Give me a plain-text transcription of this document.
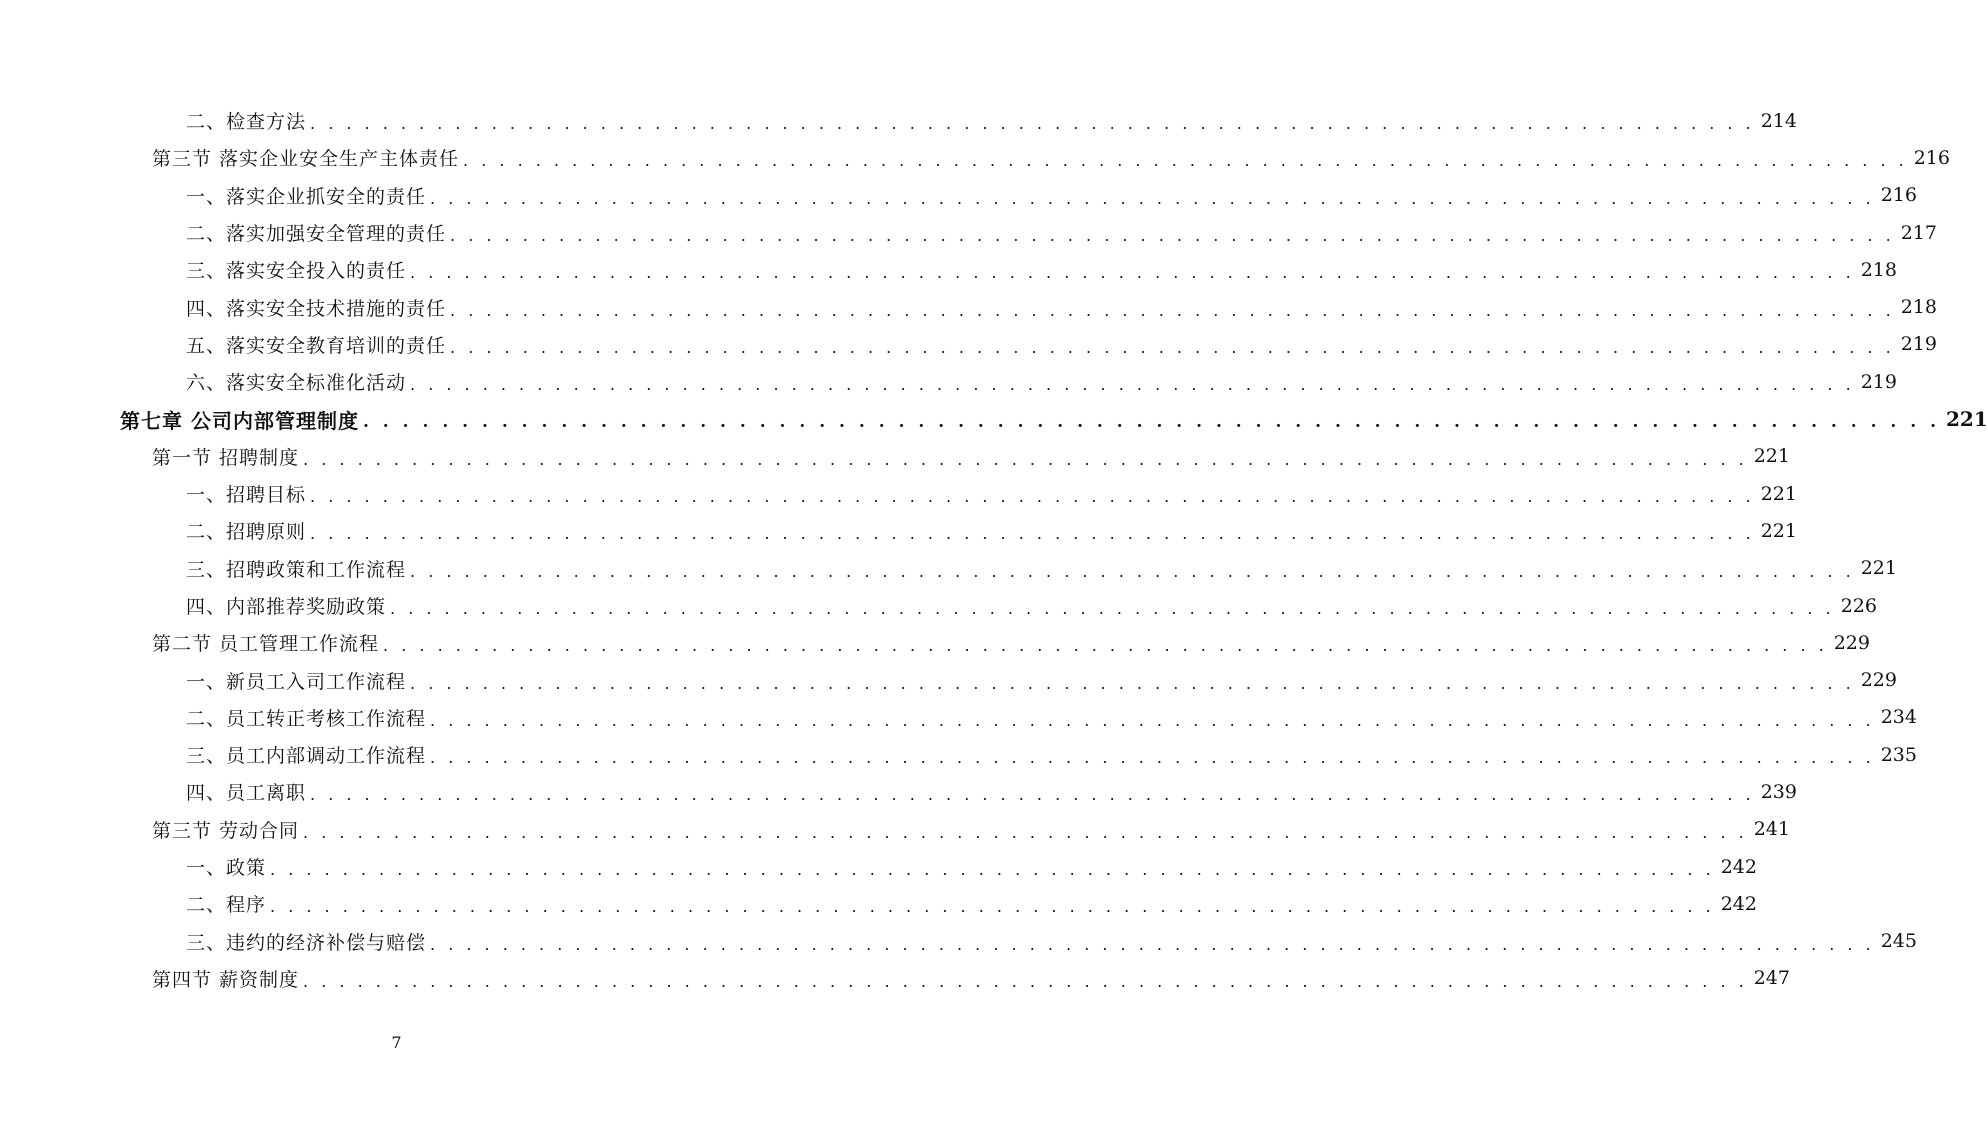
二、检查方法 . . . . . . . . . . . . . . . . . . . . . . . . . . . . . . . . . . . . . . . . . . . . . . . . . . . . . . . . . . . . . . . . . . . . . . . . . . . . . . . . 214
第三节 落实企业安全生产主体责任 . . . . . . . . . . . . . . . . . . . . . . . . . . . . . . . . . . . . . . . . . . . . . . . . . . . . . . . . . . . . . . . . . . . . . . . . . . . . . . . . 216
一、落实企业抓安全的责任 . . . . . . . . . . . . . . . . . . . . . . . . . . . . . . . . . . . . . . . . . . . . . . . . . . . . . . . . . . . . . . . . . . . . . . . . . . . . . . . . 216
二、落实加强安全管理的责任 . . . . . . . . . . . . . . . . . . . . . . . . . . . . . . . . . . . . . . . . . . . . . . . . . . . . . . . . . . . . . . . . . . . . . . . . . . . . . . . . 217
三、落实安全投入的责任 . . . . . . . . . . . . . . . . . . . . . . . . . . . . . . . . . . . . . . . . . . . . . . . . . . . . . . . . . . . . . . . . . . . . . . . . . . . . . . . . 218
四、落实安全技术措施的责任 . . . . . . . . . . . . . . . . . . . . . . . . . . . . . . . . . . . . . . . . . . . . . . . . . . . . . . . . . . . . . . . . . . . . . . . . . . . . . . . . 218
五、落实安全教育培训的责任 . . . . . . . . . . . . . . . . . . . . . . . . . . . . . . . . . . . . . . . . . . . . . . . . . . . . . . . . . . . . . . . . . . . . . . . . . . . . . . . . 219
六、落实安全标准化活动 . . . . . . . . . . . . . . . . . . . . . . . . . . . . . . . . . . . . . . . . . . . . . . . . . . . . . . . . . . . . . . . . . . . . . . . . . . . . . . . . 219
第七章 公司内部管理制度 . . . . . . . . . . . . . . . . . . . . . . . . . . . . . . . . . . . . . . . . . . . . . . . . . . . . . . . . . . . . . . . . . . . . . . . . . . . . . . . . 221
第一节 招聘制度 . . . . . . . . . . . . . . . . . . . . . . . . . . . . . . . . . . . . . . . . . . . . . . . . . . . . . . . . . . . . . . . . . . . . . . . . . . . . . . . . 221
一、招聘目标 . . . . . . . . . . . . . . . . . . . . . . . . . . . . . . . . . . . . . . . . . . . . . . . . . . . . . . . . . . . . . . . . . . . . . . . . . . . . . . . . 221
二、招聘原则 . . . . . . . . . . . . . . . . . . . . . . . . . . . . . . . . . . . . . . . . . . . . . . . . . . . . . . . . . . . . . . . . . . . . . . . . . . . . . . . . 221
三、招聘政策和工作流程 . . . . . . . . . . . . . . . . . . . . . . . . . . . . . . . . . . . . . . . . . . . . . . . . . . . . . . . . . . . . . . . . . . . . . . . . . . . . . . . . 221
四、内部推荐奖励政策 . . . . . . . . . . . . . . . . . . . . . . . . . . . . . . . . . . . . . . . . . . . . . . . . . . . . . . . . . . . . . . . . . . . . . . . . . . . . . . . . 226
第二节 员工管理工作流程 . . . . . . . . . . . . . . . . . . . . . . . . . . . . . . . . . . . . . . . . . . . . . . . . . . . . . . . . . . . . . . . . . . . . . . . . . . . . . . . . 229
一、新员工入司工作流程 . . . . . . . . . . . . . . . . . . . . . . . . . . . . . . . . . . . . . . . . . . . . . . . . . . . . . . . . . . . . . . . . . . . . . . . . . . . . . . . . 229
二、员工转正考核工作流程 . . . . . . . . . . . . . . . . . . . . . . . . . . . . . . . . . . . . . . . . . . . . . . . . . . . . . . . . . . . . . . . . . . . . . . . . . . . . . . . . 234
三、员工内部调动工作流程 . . . . . . . . . . . . . . . . . . . . . . . . . . . . . . . . . . . . . . . . . . . . . . . . . . . . . . . . . . . . . . . . . . . . . . . . . . . . . . . . 235
四、员工离职 . . . . . . . . . . . . . . . . . . . . . . . . . . . . . . . . . . . . . . . . . . . . . . . . . . . . . . . . . . . . . . . . . . . . . . . . . . . . . . . . 239
第三节 劳动合同 . . . . . . . . . . . . . . . . . . . . . . . . . . . . . . . . . . . . . . . . . . . . . . . . . . . . . . . . . . . . . . . . . . . . . . . . . . . . . . . . 241
一、政策 . . . . . . . . . . . . . . . . . . . . . . . . . . . . . . . . . . . . . . . . . . . . . . . . . . . . . . . . . . . . . . . . . . . . . . . . . . . . . . . . 242
二、程序 . . . . . . . . . . . . . . . . . . . . . . . . . . . . . . . . . . . . . . . . . . . . . . . . . . . . . . . . . . . . . . . . . . . . . . . . . . . . . . . . 242
三、违约的经济补偿与赔偿 . . . . . . . . . . . . . . . . . . . . . . . . . . . . . . . . . . . . . . . . . . . . . . . . . . . . . . . . . . . . . . . . . . . . . . . . . . . . . . . . 245
第四节 薪资制度 . . . . . . . . . . . . . . . . . . . . . . . . . . . . . . . . . . . . . . . . . . . . . . . . . . . . . . . . . . . . . . . . . . . . . . . . . . . . . . . . 247
7
